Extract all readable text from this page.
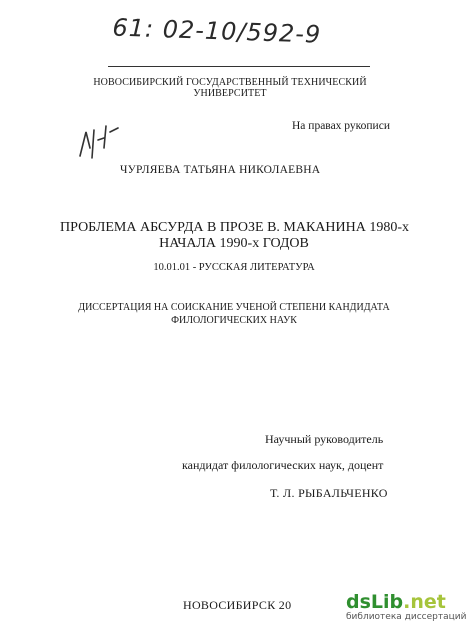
61: 02-10/592-9
НОВОСИБИРСКИЙ ГОСУДАРСТВЕННЫЙ ТЕХНИЧЕСКИЙ УНИВЕРСИТЕТ
На правах рукописи
ЧУРЛЯЕВА ТАТЬЯНА НИКОЛАЕВНА
ПРОБЛЕМА АБСУРДА В ПРОЗЕ В. МАКАНИНА 1980-х
НАЧАЛА 1990-х ГОДОВ
10.01.01 - РУССКАЯ ЛИТЕРАТУРА
ДИССЕРТАЦИЯ НА СОИСКАНИЕ УЧЕНОЙ СТЕПЕНИ КАНДИДАТА
ФИЛОЛОГИЧЕСКИХ НАУК
Научный руководитель
кандидат филологических наук, доцент
Т. Л. РЫБАЛЬЧЕНКО
НОВОСИБИРСК 20	dsLib.net
библиотека диссертаций
